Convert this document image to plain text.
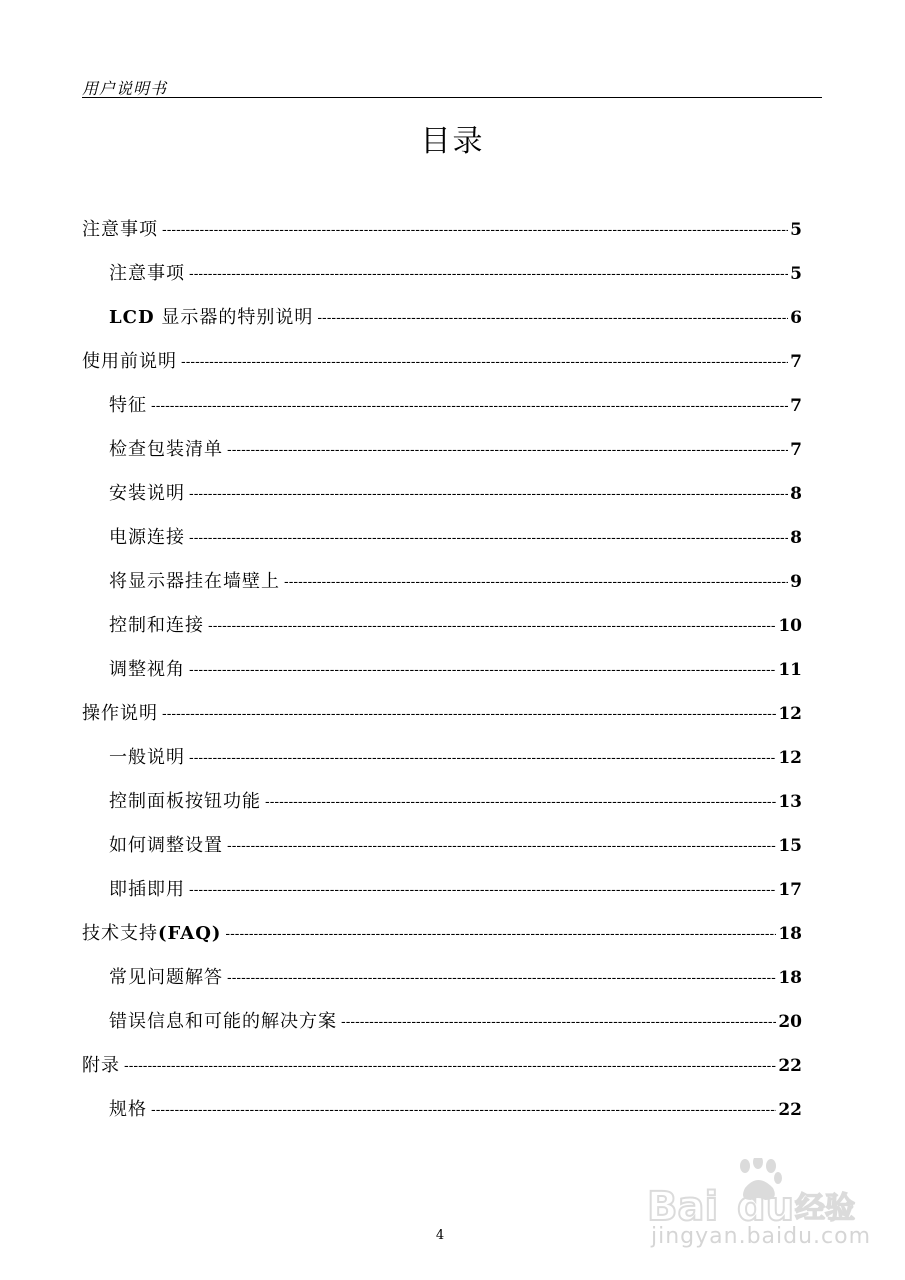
用户说明书
目录
注意事项 -----	5
注意事项 -----	5
LCD 显示器的特别说明 -----	6
使用前说明 -----	7
特征 -----	7
检查包装清单 -----	7
安装说明 -----	8
电源连接 -----	8
将显示器挂在墙壁上 -----	9
控制和连接 -----	10
调整视角 -----	11
操作说明 -----	12
一般说明 -----	12
控制面板按钮功能 -----	13
如何调整设置 -----	15
即插即用 -----	17
技术支持(FAQ) -----	18
常见问题解答 -----	18
错误信息和可能的解决方案 -----	20
附录 -----	22
规格 -----	22
4
Bai du 经验
jingyan.baidu.com
